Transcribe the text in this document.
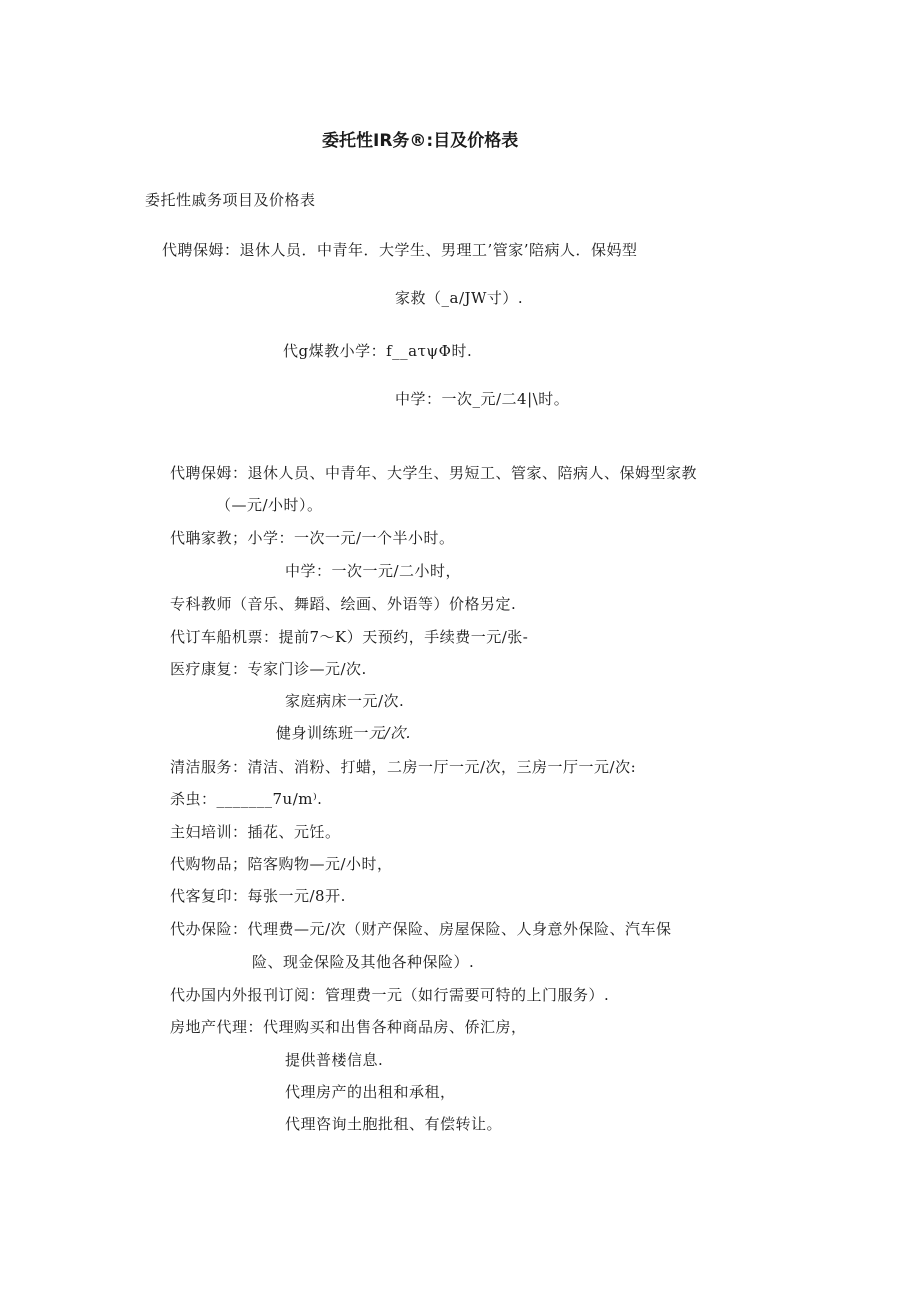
委托性IR务®:目及价格表
委托性戚务项目及价格表
代聘保姆：退休人员．中青年．大学生、男理工’管家’陪病人．保妈型
家救（_a/JW寸）.
代g煤教小学：f__aτψΦ时.
中学：一次_元/二4|\时。
代聘保姆：退休人员、中青年、大学生、男短工、管家、陪病人、保姆型家教
（—元/小时）。
代聃家教；小学：一次一元/一个半小时。
中学：一次一元/二小时，
专科教师（音乐、舞蹈、绘画、外语等）价格另定.
代订车船机票：提前7～K）天预约，手续费一元/张-
医疗康复：专家门诊—元/次.
家庭病床一元/次.
健身训练班一元/次.
清洁服务：清洁、消粉、打蜡，二房一厅一元/次，三房一厅一元/次:
杀虫：_______7u∕m⁾.
主妇培训：插花、元饪。
代购物品；陪客购物—元/小时，
代客复印：每张一元/8开.
代办保险：代理费—元/次（财产保险、房屋保险、人身意外保险、汽车保
险、现金保险及其他各种保险）.
代办国内外报刊订阅：管理费一元（如行需要可特的上门服务）.
房地产代理：代理购买和出售各种商品房、侨汇房，
提供普楼信息.
代理房产的出租和承租，
代理咨询土胞批租、有偿转让。
